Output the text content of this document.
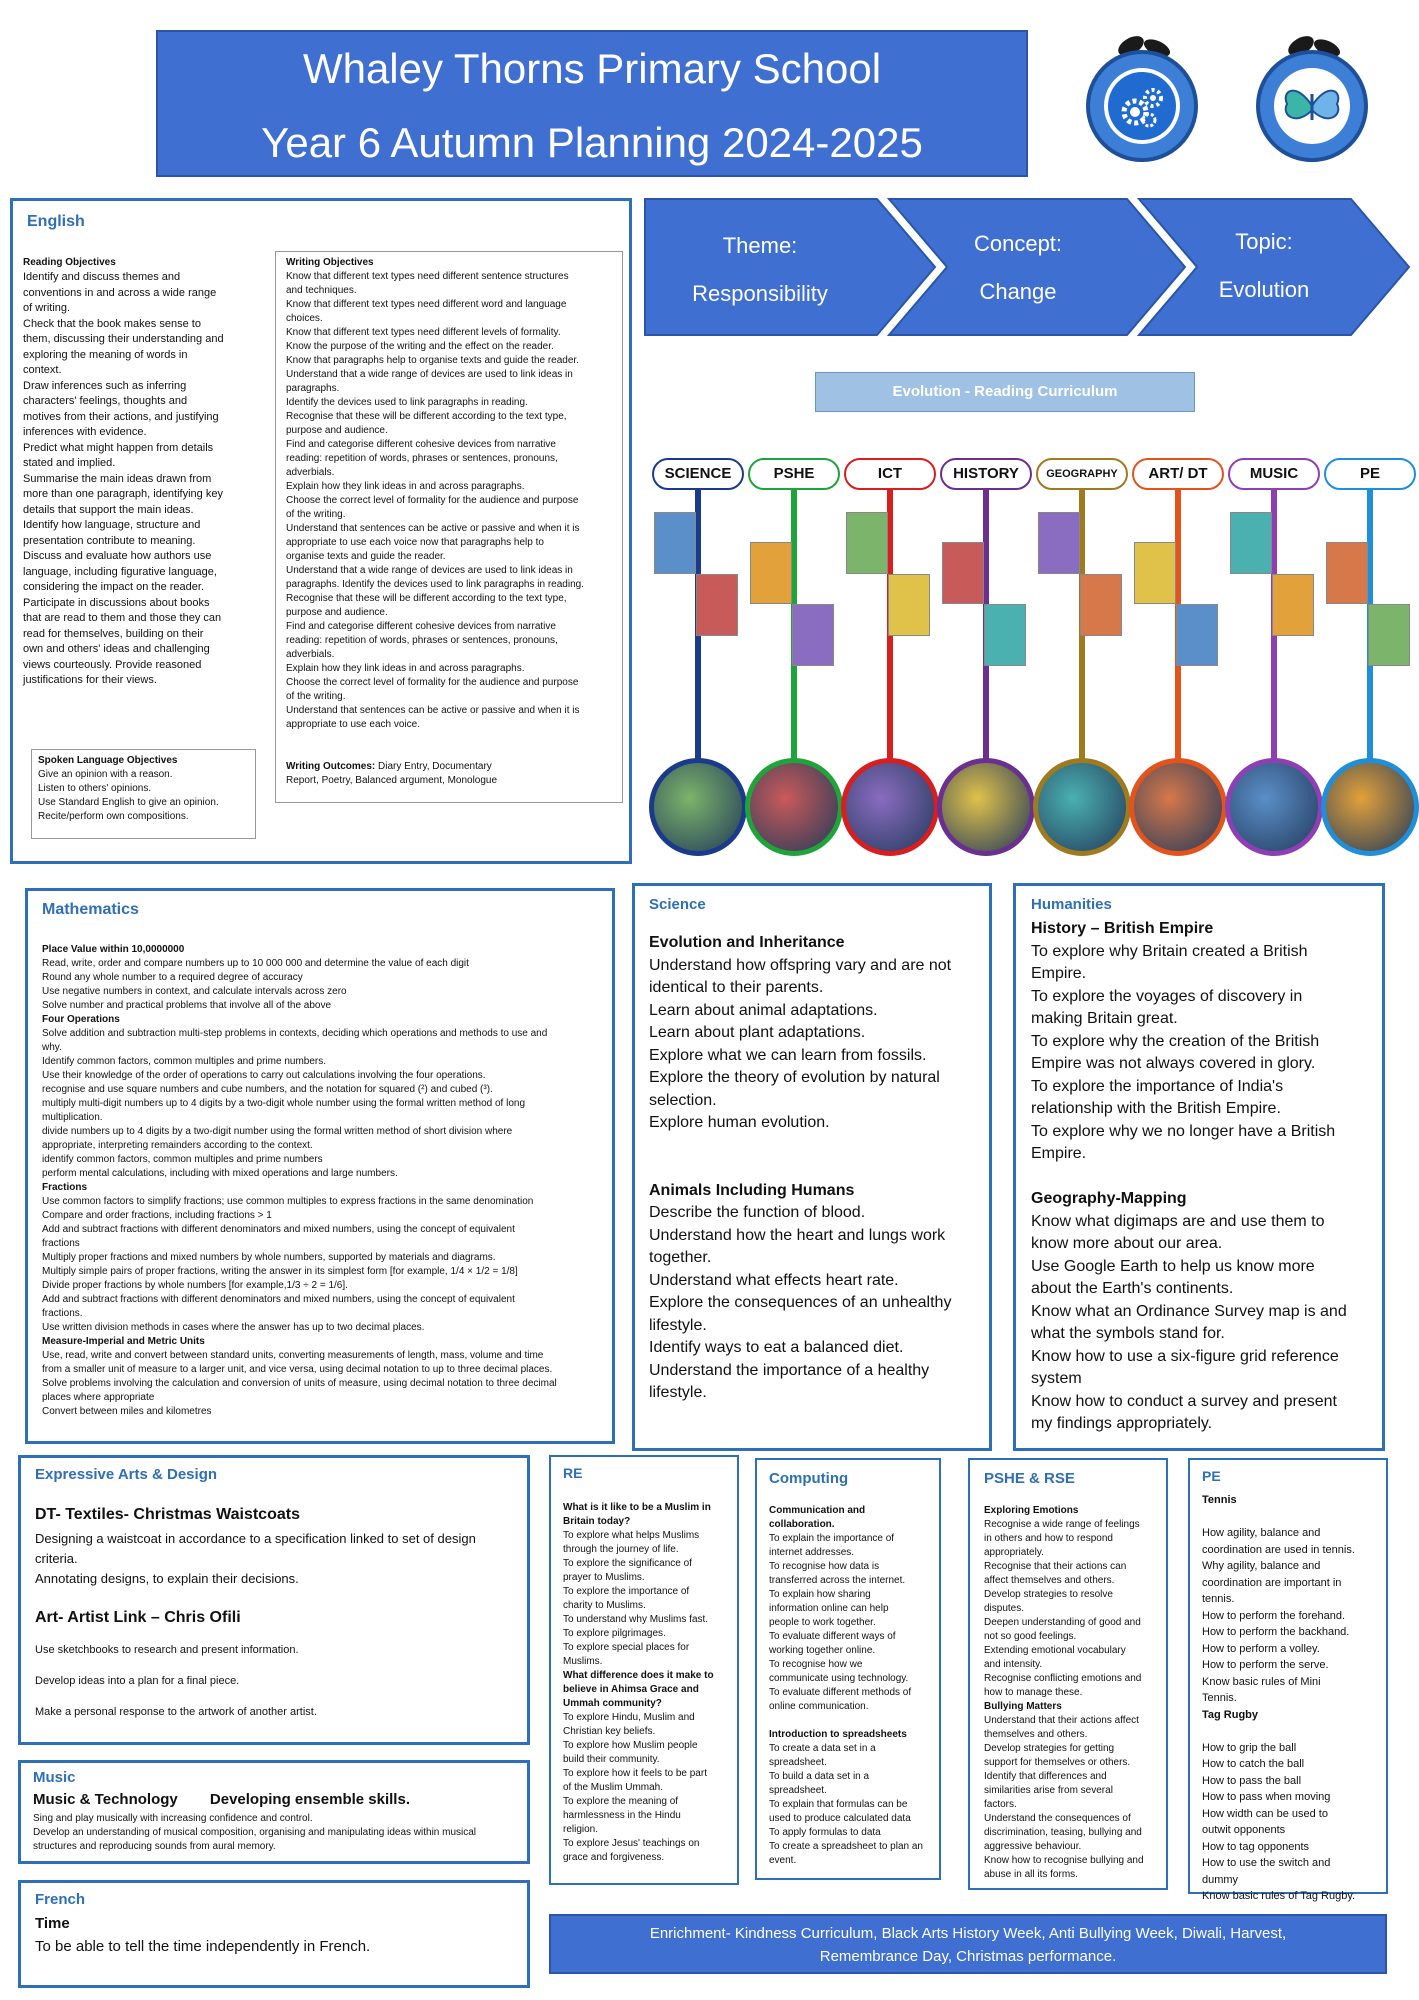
Whaley Thorns Primary School
Year 6 Autumn Planning 2024-2025
Theme:
Responsibility
Concept:
Change
Topic:
Evolution
Evolution - Reading Curriculum
SCIENCE	PSHE	ICT	HISTORY	GEOGRAPHY	ART/ DT	MUSIC	PE
English
Reading Objectives
Identify and discuss themes and
conventions in and across a wide range
of writing.
Check that the book makes sense to
them, discussing their understanding and
exploring the meaning of words in
context.
Draw inferences such as inferring
characters' feelings, thoughts and
motives from their actions, and justifying
inferences with evidence.
Predict what might happen from details
stated and implied.
Summarise the main ideas drawn from
more than one paragraph, identifying key
details that support the main ideas.
Identify how language, structure and
presentation contribute to meaning.
Discuss and evaluate how authors use
language, including figurative language,
considering the impact on the reader.
Participate in discussions about books
that are read to them and those they can
read for themselves, building on their
own and others' ideas and challenging
views courteously. Provide reasoned
justifications for their views.
Writing Objectives
Know that different text types need different sentence structures
and techniques.
Know that different text types need different word and language
choices.
Know that different text types need different levels of formality.
Know the purpose of the writing and the effect on the reader.
Know that paragraphs help to organise texts and guide the reader.
Understand that a wide range of devices are used to link ideas in
paragraphs.
Identify the devices used to link paragraphs in reading.
Recognise that these will be different according to the text type,
purpose and audience.
Find and categorise different cohesive devices from narrative
reading: repetition of words, phrases or sentences, pronouns,
adverbials.
Explain how they link ideas in and across paragraphs.
Choose the correct level of formality for the audience and purpose
of the writing.
Understand that sentences can be active or passive and when it is
appropriate to use each voice now that paragraphs help to
organise texts and guide the reader.
Understand that a wide range of devices are used to link ideas in
paragraphs. Identify the devices used to link paragraphs in reading.
Recognise that these will be different according to the text type,
purpose and audience.
Find and categorise different cohesive devices from narrative
reading: repetition of words, phrases or sentences, pronouns,
adverbials.
Explain how they link ideas in and across paragraphs.
Choose the correct level of formality for the audience and purpose
of the writing.
Understand that sentences can be active or passive and when it is
appropriate to use each voice.
Writing Outcomes: Diary Entry, Documentary
Report, Poetry, Balanced argument, Monologue
Spoken Language Objectives
Give an opinion with a reason.
Listen to others' opinions.
Use Standard English to give an opinion.
Recite/perform own compositions.
Mathematics
Place Value within 10,0000000
Read, write, order and compare numbers up to 10 000 000 and determine the value of each digit
Round any whole number to a required degree of accuracy
Use negative numbers in context, and calculate intervals across zero
Solve number and practical problems that involve all of the above
Four Operations
Solve addition and subtraction multi-step problems in contexts, deciding which operations and methods to use and
why.
Identify common factors, common multiples and prime numbers.
Use their knowledge of the order of operations to carry out calculations involving the four operations.
recognise and use square numbers and cube numbers, and the notation for squared (²) and cubed (³).
multiply multi-digit numbers up to 4 digits by a two-digit whole number using the formal written method of long
multiplication.
divide numbers up to 4 digits by a two-digit number using the formal written method of short division where
appropriate, interpreting remainders according to the context.
identify common factors, common multiples and prime numbers
perform mental calculations, including with mixed operations and large numbers.
Fractions
Use common factors to simplify fractions; use common multiples to express fractions in the same denomination
Compare and order fractions, including fractions > 1
Add and subtract fractions with different denominators and mixed numbers, using the concept of equivalent
fractions
Multiply proper fractions and mixed numbers by whole numbers, supported by materials and diagrams.
Multiply simple pairs of proper fractions, writing the answer in its simplest form [for example, 1/4 × 1/2 = 1/8]
Divide proper fractions by whole numbers [for example,1/3 ÷ 2 = 1/6].
Add and subtract fractions with different denominators and mixed numbers, using the concept of equivalent
fractions.
Use written division methods in cases where the answer has up to two decimal places.
Measure-Imperial and Metric Units
Use, read, write and convert between standard units, converting measurements of length, mass, volume and time
from a smaller unit of measure to a larger unit, and vice versa, using decimal notation to up to three decimal places.
Solve problems involving the calculation and conversion of units of measure, using decimal notation to three decimal
places where appropriate
Convert between miles and kilometres
Science
Evolution and Inheritance
Understand how offspring vary and are not
identical to their parents.
Learn about animal adaptations.
Learn about plant adaptations.
Explore what we can learn from fossils.
Explore the theory of evolution by natural
selection.
Explore human evolution.

Animals Including Humans
Describe the function of blood.
Understand how the heart and lungs work
together.
Understand what effects heart rate.
Explore the consequences of an unhealthy
lifestyle.
Identify ways to eat a balanced diet.
Understand the importance of a healthy
lifestyle.
Humanities
History – British Empire
To explore why Britain created a British
Empire.
To explore the voyages of discovery in
making Britain great.
To explore why the creation of the British
Empire was not always covered in glory.
To explore the importance of India's
relationship with the British Empire.
To explore why we no longer have a British
Empire.

Geography-Mapping
Know what digimaps are and use them to
know more about our area.
Use Google Earth to help us know more
about the Earth's continents.
Know what an Ordinance Survey map is and
what the symbols stand for.
Know how to use a six-figure grid reference
system
Know how to conduct a survey and present
my findings appropriately.
Expressive Arts & Design
DT- Textiles- Christmas Waistcoats
Designing a waistcoat in accordance to a specification linked to set of design
criteria.
Annotating designs, to explain their decisions.
Art- Artist Link – Chris Ofili
Use sketchbooks to research and present information.
Develop ideas into a plan for a final piece.
Make a personal response to the artwork of another artist.
Music
Music & Technology Developing ensemble skills.
Sing and play musically with increasing confidence and control.
Develop an understanding of musical composition, organising and manipulating ideas within musical
structures and reproducing sounds from aural memory.
French
Time
To be able to tell the time independently in French.
RE
What is it like to be a Muslim in
Britain today?
To explore what helps Muslims
through the journey of life.
To explore the significance of
prayer to Muslims.
To explore the importance of
charity to Muslims.
To understand why Muslims fast.
To explore pilgrimages.
To explore special places for
Muslims.
What difference does it make to
believe in Ahimsa Grace and
Ummah community?
To explore Hindu, Muslim and
Christian key beliefs.
To explore how Muslim people
build their community.
To explore how it feels to be part
of the Muslim Ummah.
To explore the meaning of
harmlessness in the Hindu
religion.
To explore Jesus' teachings on
grace and forgiveness.
Computing
Communication and
collaboration.
To explain the importance of
internet addresses.
To recognise how data is
transferred across the internet.
To explain how sharing
information online can help
people to work together.
To evaluate different ways of
working together online.
To recognise how we
communicate using technology.
To evaluate different methods of
online communication.

Introduction to spreadsheets
To create a data set in a
spreadsheet.
To build a data set in a
spreadsheet.
To explain that formulas can be
used to produce calculated data
To apply formulas to data
To create a spreadsheet to plan an
event.
PSHE & RSE
Exploring Emotions
Recognise a wide range of feelings
in others and how to respond
appropriately.
Recognise that their actions can
affect themselves and others.
Develop strategies to resolve
disputes.
Deepen understanding of good and
not so good feelings.
Extending emotional vocabulary
and intensity.
Recognise conflicting emotions and
how to manage these.
Bullying Matters
Understand that their actions affect
themselves and others.
Develop strategies for getting
support for themselves or others.
Identify that differences and
similarities arise from several
factors.
Understand the consequences of
discrimination, teasing, bullying and
aggressive behaviour.
Know how to recognise bullying and
abuse in all its forms.
PE
Tennis

How agility, balance and
coordination are used in tennis.
Why agility, balance and
coordination are important in
tennis.
How to perform the forehand.
How to perform the backhand.
How to perform a volley.
How to perform the serve.
Know basic rules of Mini
Tennis.
Tag Rugby

How to grip the ball
How to catch the ball
How to pass the ball
How to pass when moving
How width can be used to
outwit opponents
How to tag opponents
How to use the switch and
dummy
Know basic rules of Tag Rugby.
Enrichment- Kindness Curriculum, Black Arts History Week, Anti Bullying Week, Diwali, Harvest,
Remembrance Day, Christmas performance.
